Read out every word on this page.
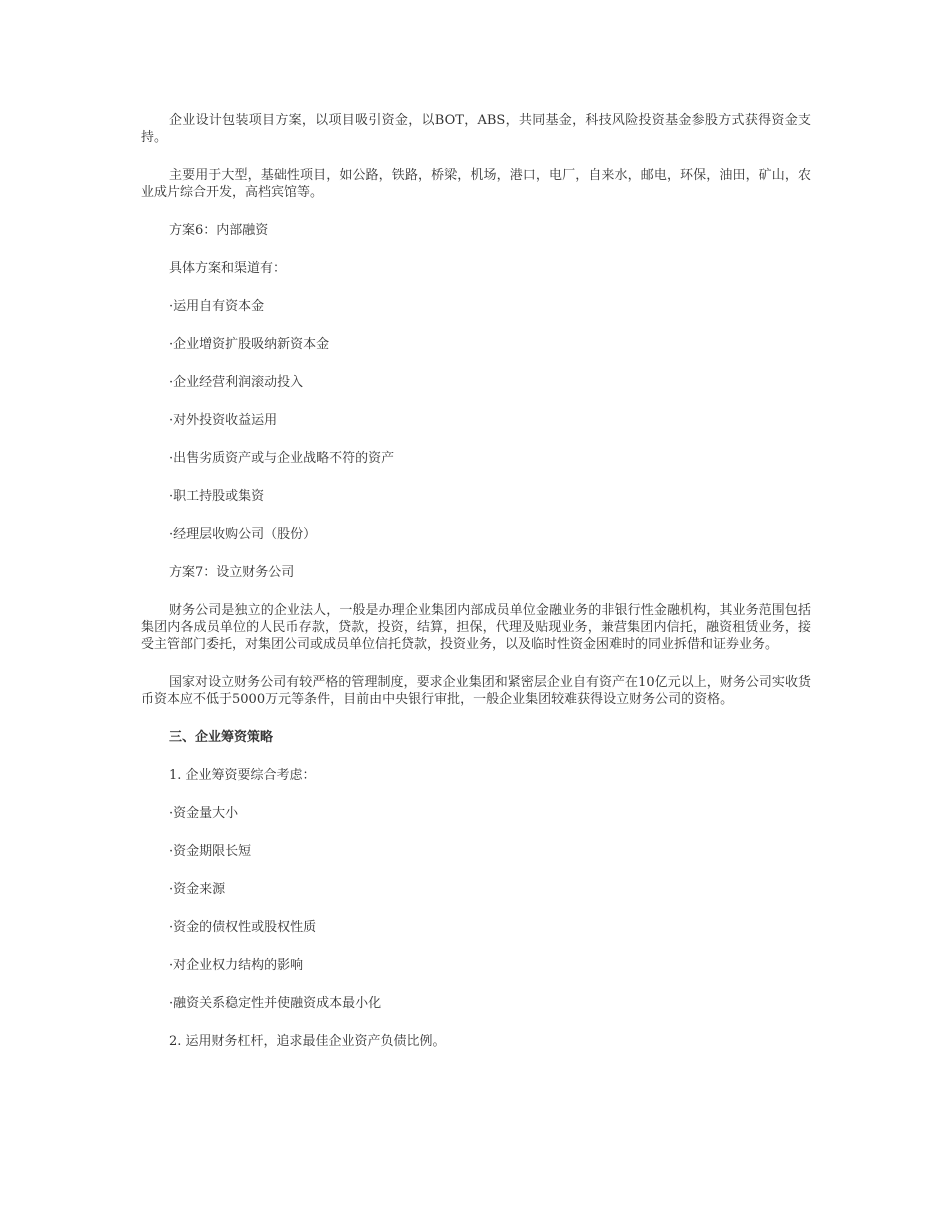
企业设计包装项目方案，以项目吸引资金，以BOT，ABS，共同基金，科技风险投资基金参股方式获得资金支持。

主要用于大型，基础性项目，如公路，铁路，桥梁，机场，港口，电厂，自来水，邮电，环保，油田，矿山，农业成片综合开发，高档宾馆等。

方案6：内部融资

具体方案和渠道有：

·运用自有资本金

·企业增资扩股吸纳新资本金

·企业经营利润滚动投入

·对外投资收益运用

·出售劣质资产或与企业战略不符的资产

·职工持股或集资

·经理层收购公司（股份）

方案7：设立财务公司

财务公司是独立的企业法人，一般是办理企业集团内部成员单位金融业务的非银行性金融机构，其业务范围包括集团内各成员单位的人民币存款，贷款，投资，结算，担保，代理及贴现业务，兼营集团内信托，融资租赁业务，接受主管部门委托，对集团公司或成员单位信托贷款，投资业务，以及临时性资金困难时的同业拆借和证券业务。

国家对设立财务公司有较严格的管理制度，要求企业集团和紧密层企业自有资产在10亿元以上，财务公司实收货币资本应不低于5000万元等条件，目前由中央银行审批，一般企业集团较难获得设立财务公司的资格。

三、企业筹资策略

1. 企业筹资要综合考虑：

·资金量大小

·资金期限长短

·资金来源

·资金的债权性或股权性质

·对企业权力结构的影响

·融资关系稳定性并使融资成本最小化

2. 运用财务杠杆，追求最佳企业资产负债比例。
